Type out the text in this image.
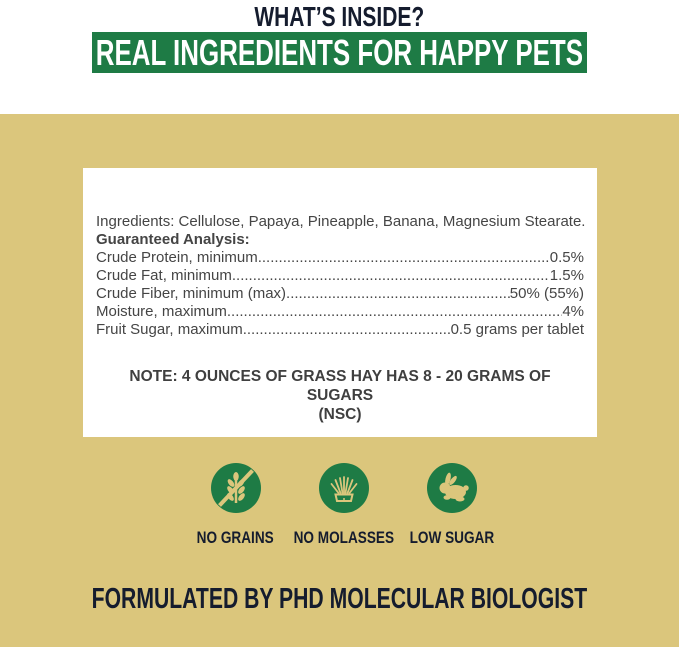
WHAT’S INSIDE?
REAL INGREDIENTS FOR HAPPY PETS
Ingredients: Cellulose, Papaya, Pineapple, Banana, Magnesium Stearate.
Guaranteed Analysis:
Crude Protein, minimum .....	0.5%
Crude Fat, minimum .....	1.5%
Crude Fiber, minimum (max) .....	50% (55%)
Moisture, maximum .....	4%
Fruit Sugar, maximum .....	0.5 grams per tablet
NOTE: 4 OUNCES OF GRASS HAY HAS 8 - 20 GRAMS OF SUGARS
(NSC)
NO GRAINS NO MOLASSES LOW SUGAR
FORMULATED BY PHD MOLECULAR BIOLOGIST
